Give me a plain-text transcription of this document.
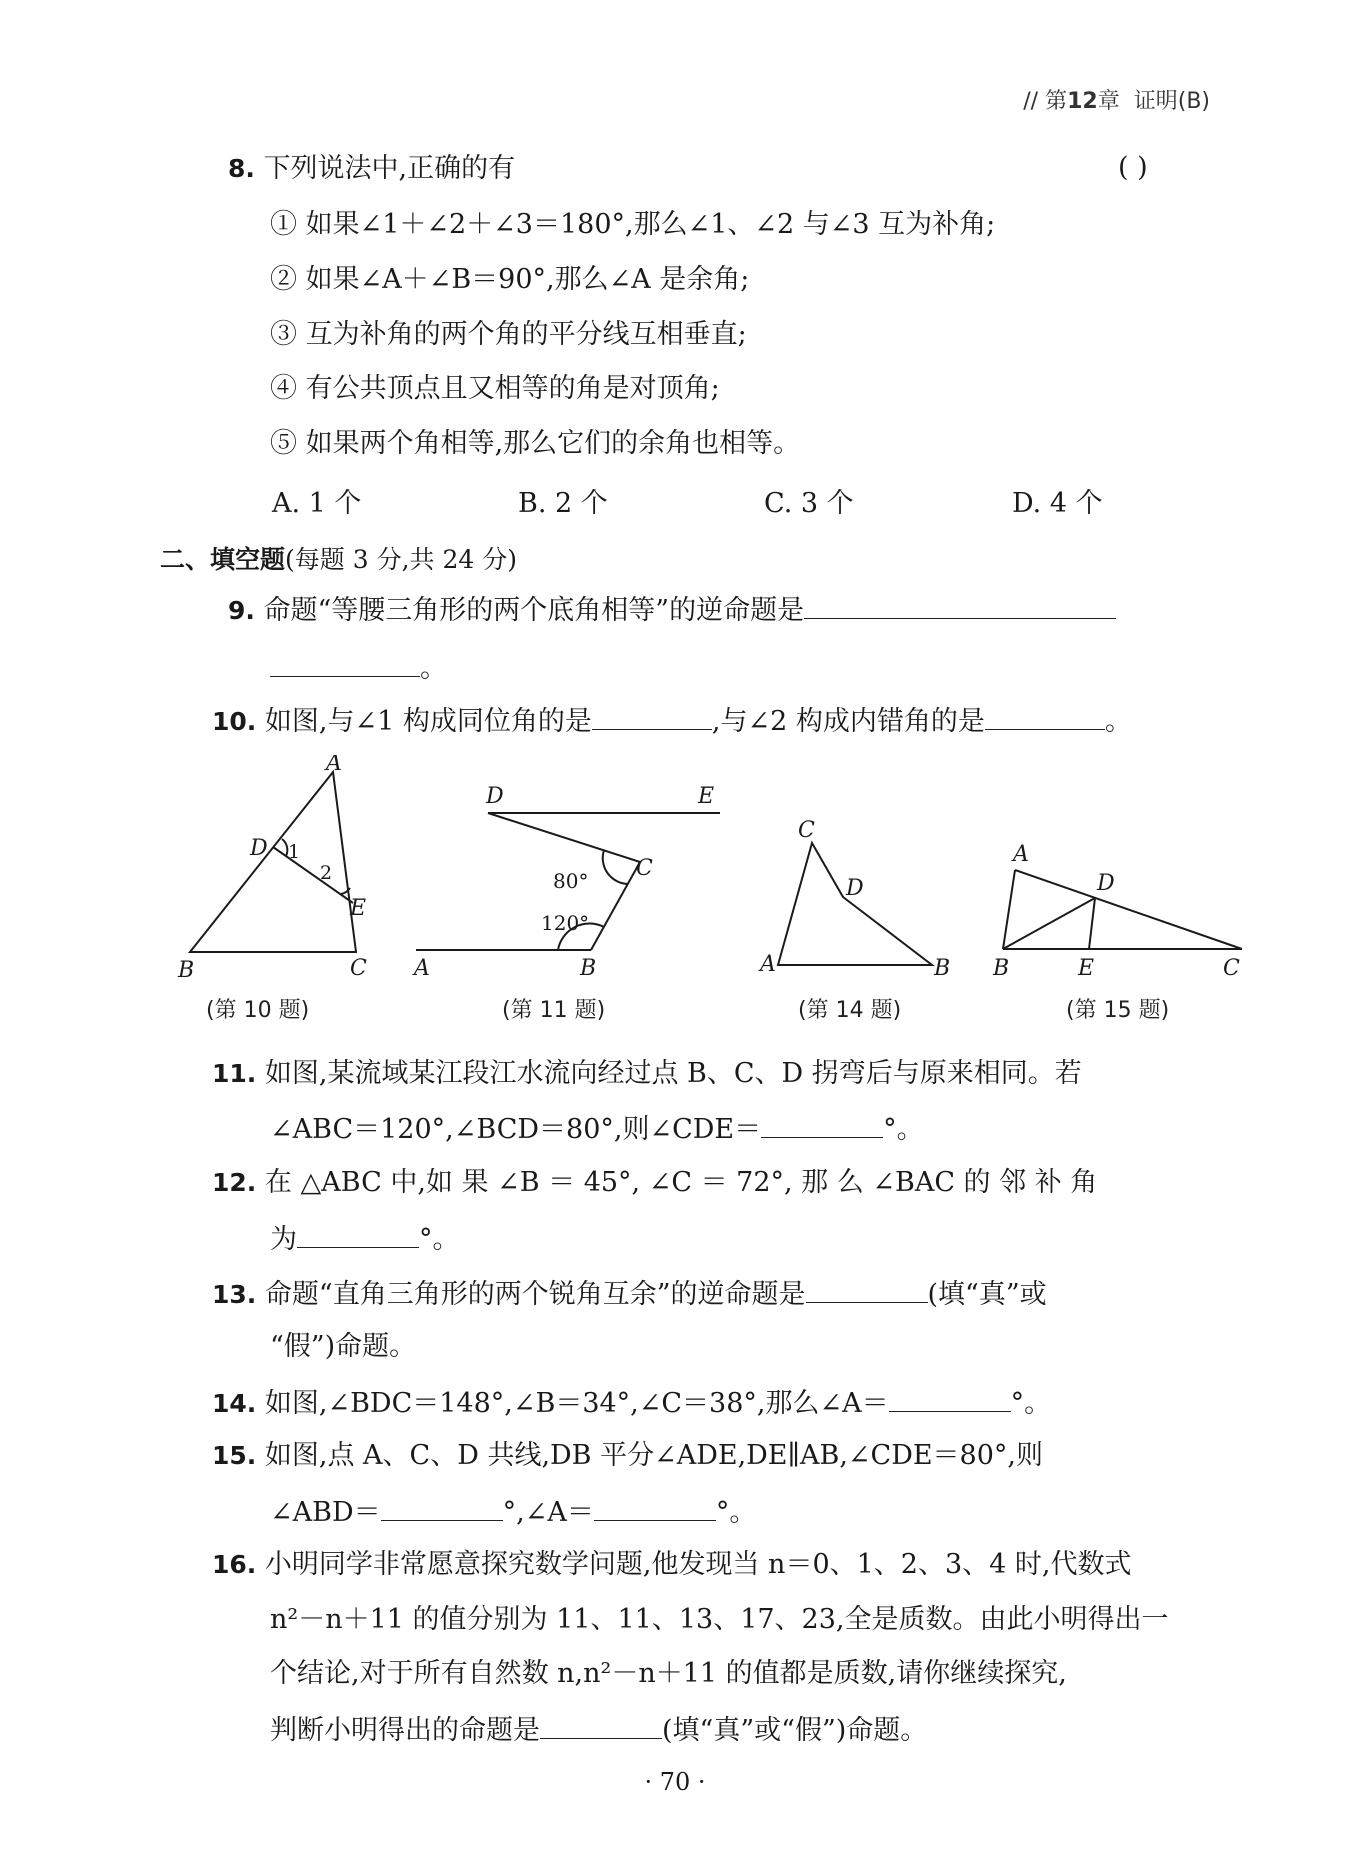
// 第12章 证明(B)
8. 下列说法中,正确的有	( )
① 如果∠1＋∠2＋∠3＝180°,那么∠1、∠2 与∠3 互为补角;
② 如果∠A＋∠B＝90°,那么∠A 是余角;
③ 互为补角的两个角的平分线互相垂直;
④ 有公共顶点且又相等的角是对顶角;
⑤ 如果两个角相等,那么它们的余角也相等。
A. 1 个	B. 2 个	C. 3 个	D. 4 个
二、填空题(每题 3 分,共 24 分)
9. 命题“等腰三角形的两个底角相等”的逆命题是
。
10. 如图,与∠1 构成同位角的是	,与∠2 构成内错角的是	。
A
D 1
2
E
B	C
(第 10 题)
D	E
C
80°
120°
A	B
(第 11 题)
C
D
A	B
(第 14 题)
A
D
B	E	C
(第 15 题)
11. 如图,某流域某江段江水流向经过点 B、C、D 拐弯后与原来相同。若
∠ABC＝120°,∠BCD＝80°,则∠CDE＝	°。
12. 在 △ABC 中,如 果 ∠B ＝ 45°, ∠C ＝ 72°, 那 么 ∠BAC 的 邻 补 角
为	°。
13. 命题“直角三角形的两个锐角互余”的逆命题是	(填“真”或
“假”)命题。
14. 如图,∠BDC＝148°,∠B＝34°,∠C＝38°,那么∠A＝	°。
15. 如图,点 A、C、D 共线,DB 平分∠ADE,DE∥AB,∠CDE＝80°,则
∠ABD＝	°,∠A＝	°。
16. 小明同学非常愿意探究数学问题,他发现当 n＝0、1、2、3、4 时,代数式
n²－n＋11 的值分别为 11、11、13、17、23,全是质数。由此小明得出一
个结论,对于所有自然数 n,n²－n＋11 的值都是质数,请你继续探究,
判断小明得出的命题是	(填“真”或“假”)命题。
· 70 ·
